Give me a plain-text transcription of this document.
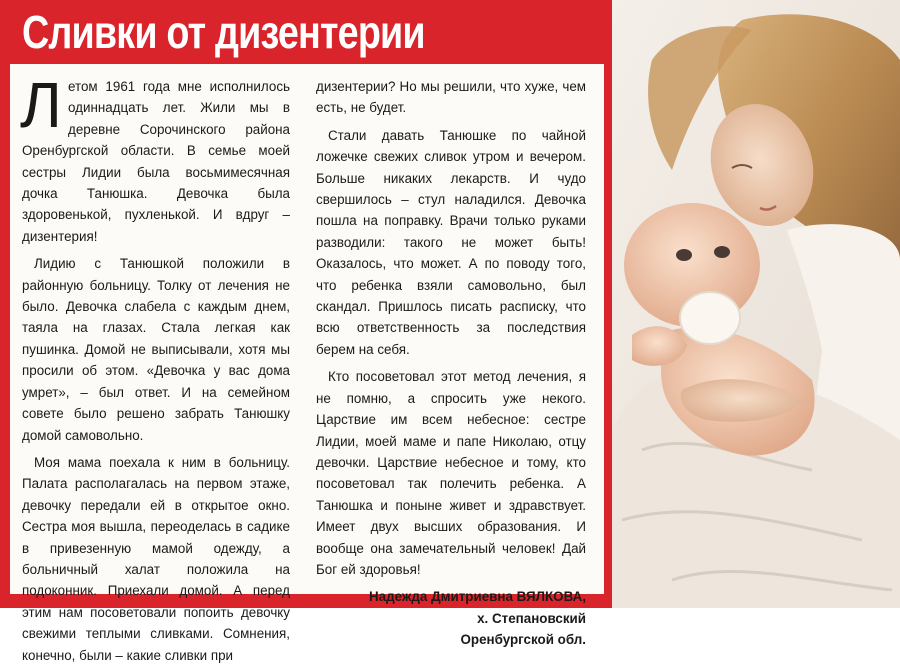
Сливки от дизентерии

Летом 1961 года мне исполнилось одиннадцать лет. Жили мы в деревне Сорочинского района Оренбургской области. В семье моей сестры Лидии была восьмимесячная дочка Танюшка. Девочка была здоровенькой, пухленькой. И вдруг – дизентерия!

Лидию с Танюшкой положили в районную больницу. Толку от лечения не было. Девочка слабела с каждым днем, таяла на глазах. Стала легкая как пушинка. Домой не выписывали, хотя мы просили об этом. «Девочка у вас дома умрет», – был ответ. И на семейном совете было решено забрать Танюшку домой самовольно.

Моя мама поехала к ним в больницу. Палата располагалась на первом этаже, девочку передали ей в открытое окно. Сестра моя вышла, переоделась в садике в привезенную мамой одежду, а больничный халат положила на подоконник. Приехали домой. А перед этим нам посоветовали попоить девочку свежими теплыми сливками. Сомнения, конечно, были – какие сливки при

дизентерии? Но мы решили, что хуже, чем есть, не будет.

Стали давать Танюшке по чайной ложечке свежих сливок утром и вечером. Больше никаких лекарств. И чудо свершилось – стул наладился. Девочка пошла на поправку. Врачи только руками разводили: такого не может быть! Оказалось, что может. А по поводу того, что ребенка взяли самовольно, был скандал. Пришлось писать расписку, что всю ответственность за последствия берем на себя.

Кто посоветовал этот метод лечения, я не помню, а спросить уже некого. Царствие им всем небесное: сестре Лидии, моей маме и папе Николаю, отцу девочки. Царствие небесное и тому, кто посоветовал так полечить ребенка. А Танюшка и поныне живет и здравствует. Имеет двух высших образования. И вообще она замечательный человек! Дай Бог ей здоровья!

Надежда Дмитриевна ВЯЛКОВА,
х. Степановский
Оренбургской обл.
